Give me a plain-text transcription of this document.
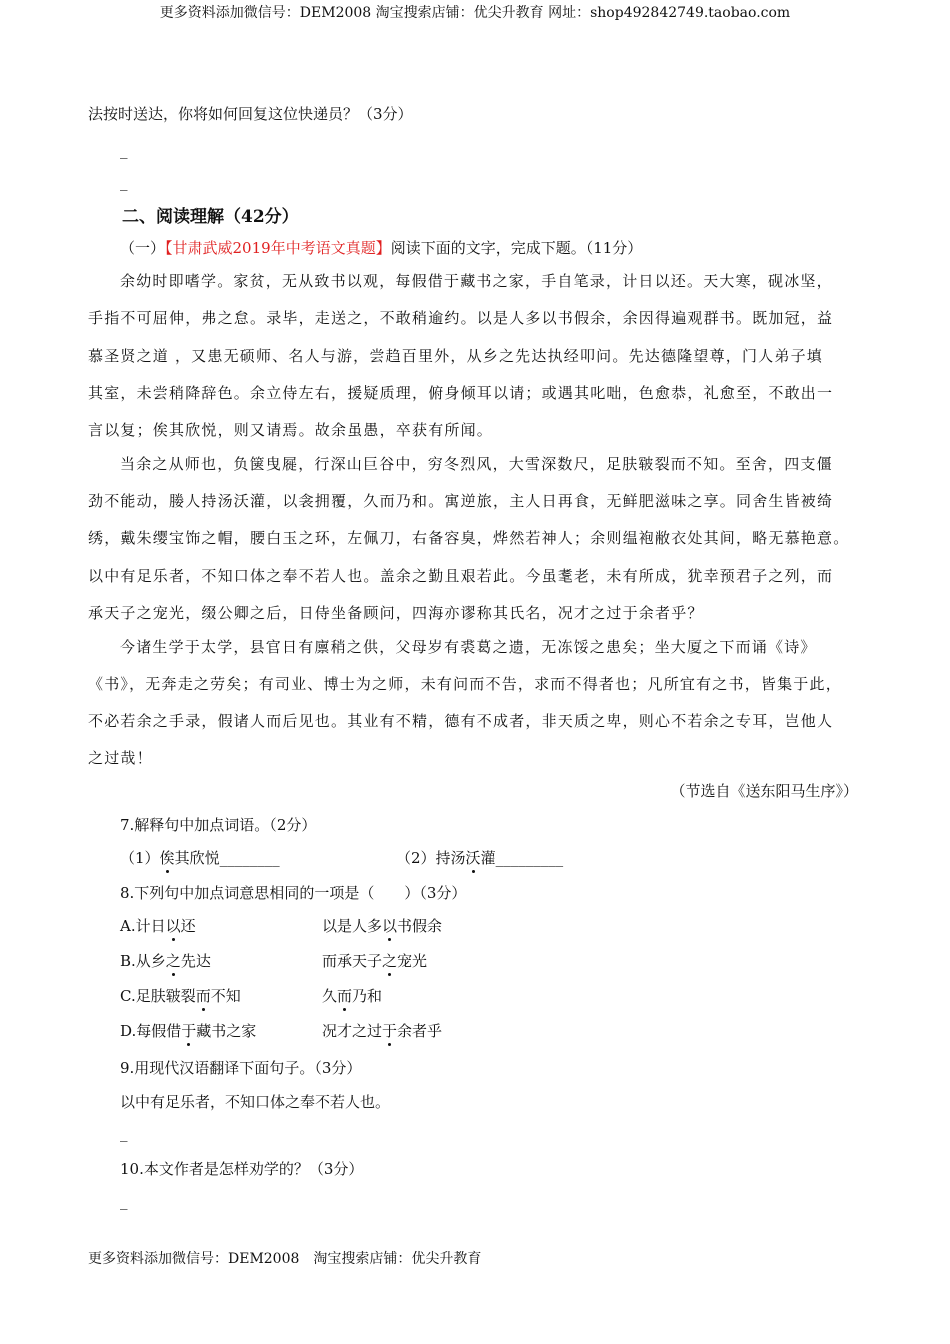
更多资料添加微信号：DEM2008 淘宝搜索店铺：优尖升教育 网址：shop492842749.taobao.com
法按时送达，你将如何回复这位快递员？（3分）
_
_
二、阅读理解（42分）
（一）【甘肃武威2019年中考语文真题】阅读下面的文字，完成下题。（11分）
余幼时即嗜学。家贫，无从致书以观，每假借于藏书之家，手自笔录，计日以还。天大寒，砚冰坚，
手指不可屈伸，弗之怠。录毕，走送之，不敢稍逾约。以是人多以书假余，余因得遍观群书。既加冠，益
慕圣贤之道 ，又患无硕师、名人与游，尝趋百里外，从乡之先达执经叩问。先达德隆望尊，门人弟子填
其室，未尝稍降辞色。余立侍左右，援疑质理，俯身倾耳以请；或遇其叱咄，色愈恭，礼愈至，不敢出一
言以复；俟其欣悦，则又请焉。故余虽愚，卒获有所闻。
当余之从师也，负箧曳屣，行深山巨谷中，穷冬烈风，大雪深数尺，足肤皲裂而不知。至舍，四支僵
劲不能动，媵人持汤沃灌，以衾拥覆，久而乃和。寓逆旅，主人日再食，无鲜肥滋味之享。同舍生皆被绮
绣，戴朱缨宝饰之帽，腰白玉之环，左佩刀，右备容臭，烨然若神人；余则缊袍敝衣处其间，略无慕艳意。
以中有足乐者，不知口体之奉不若人也。盖余之勤且艰若此。今虽耄老，未有所成，犹幸预君子之列，而
承天子之宠光，缀公卿之后，日侍坐备顾问，四海亦谬称其氏名，况才之过于余者乎？
今诸生学于太学，县官日有廪稍之供，父母岁有裘葛之遗，无冻馁之患矣；坐大厦之下而诵《诗》
《书》，无奔走之劳矣；有司业、博士为之师，未有问而不告，求而不得者也；凡所宜有之书，皆集于此，
不必若余之手录，假诸人而后见也。其业有不精，德有不成者，非天质之卑，则心不若余之专耳，岂他人
之过哉！
（节选自《送东阳马生序》）
7.解释句中加点词语。（2分）
（1）俟其欣悦________	（2）持汤沃灌_________
8.下列句中加点词意思相同的一项是（　　）（3分）
A.计日以还	以是人多以书假余
B.从乡之先达	而承天子之宠光
C.足肤皲裂而不知	久而乃和
D.每假借于藏书之家	况才之过于余者乎
9.用现代汉语翻译下面句子。（3分）
以中有足乐者，不知口体之奉不若人也。
_
10.本文作者是怎样劝学的？（3分）
_
更多资料添加微信号：DEM2008　淘宝搜索店铺：优尖升教育
